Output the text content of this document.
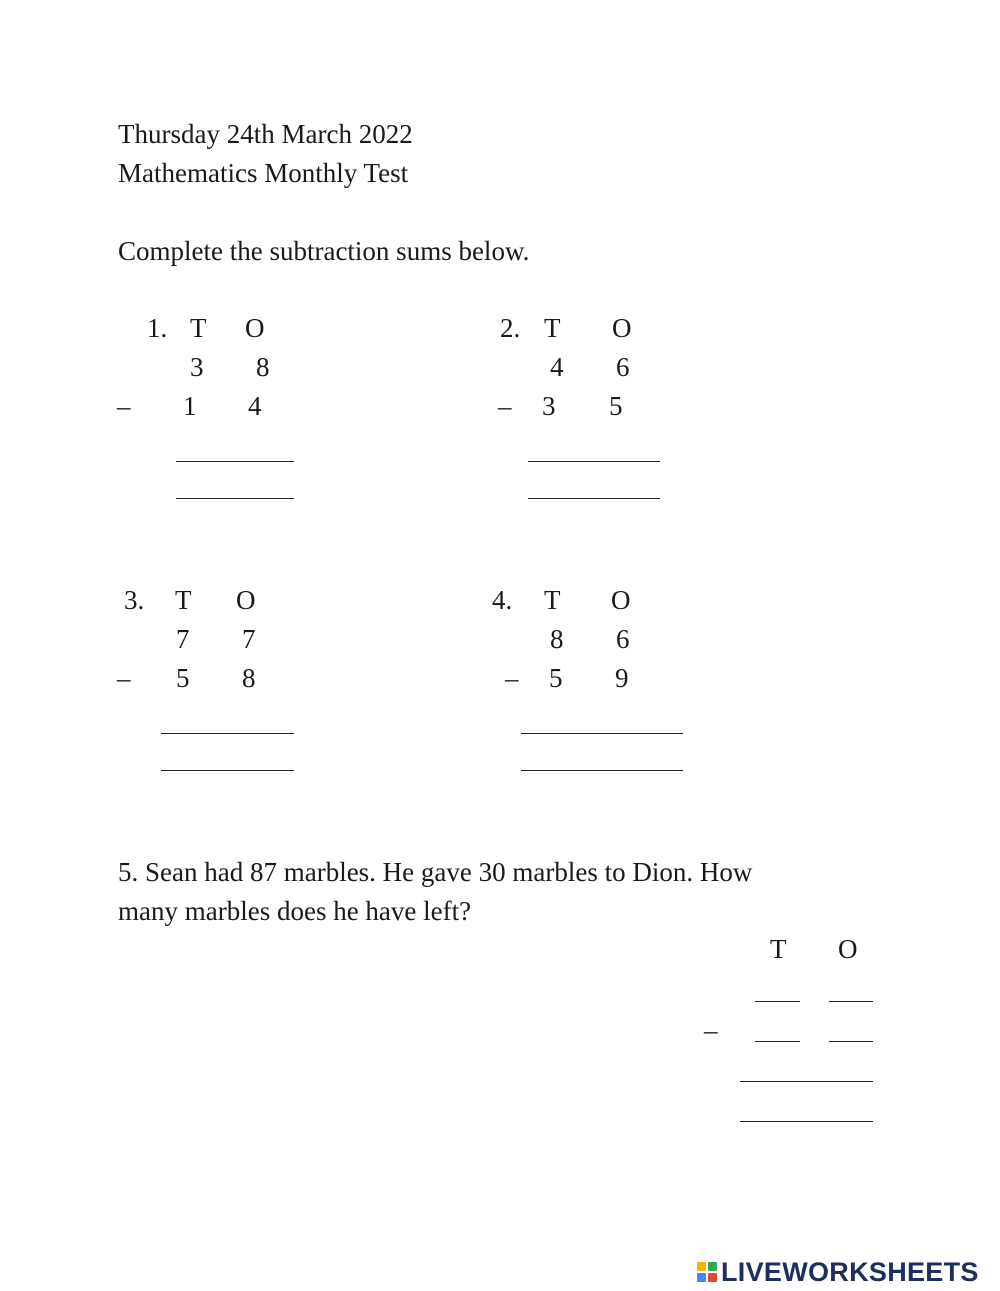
Thursday 24th March 2022
Mathematics Monthly Test
Complete the subtraction sums below.
1. T O
3 8
– 1 4
2. T O
4 6
– 3 5
3. T O
7 7
– 5 8
4. T O
8 6
– 5 9
5. Sean had 87 marbles. He gave 30 marbles to Dion. How
many marbles does he have left?
T O
–
LIVEWORKSHEETS
